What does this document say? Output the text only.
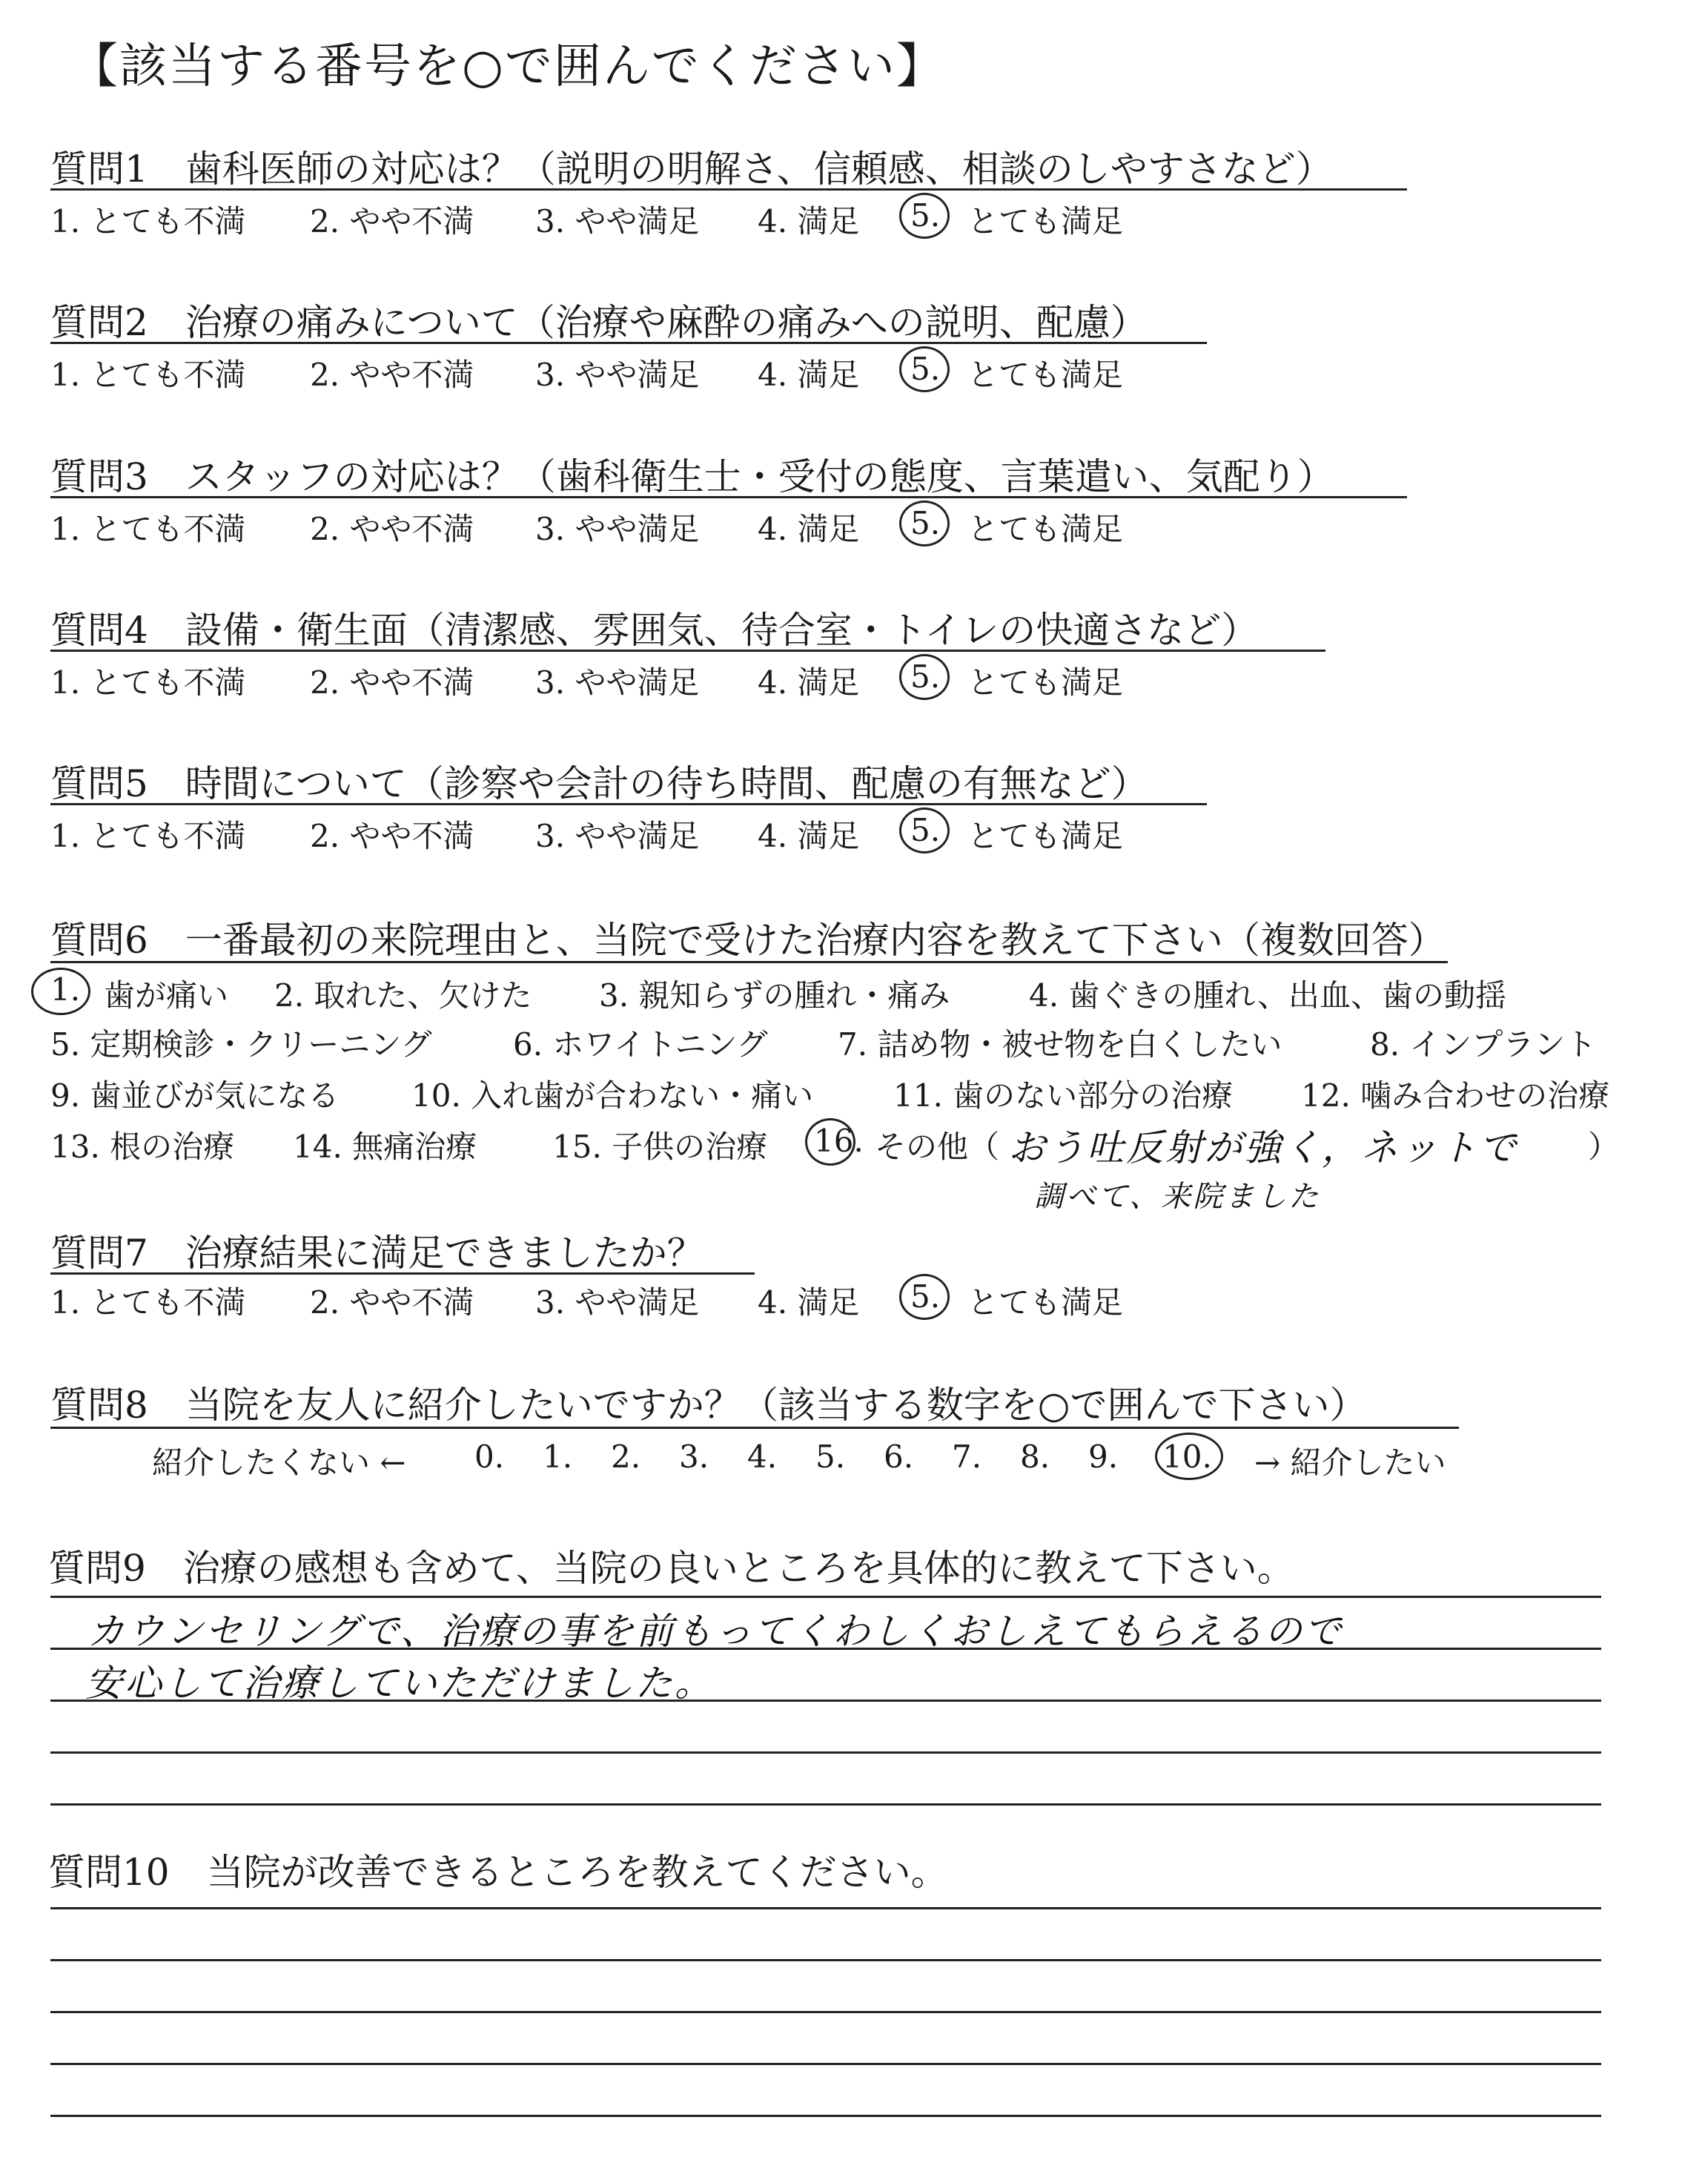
【該当する番号を○で囲んでください】
質問1　歯科医師の対応は？（説明の明解さ、信頼感、相談のしやすさなど）
1. とても不満 2. やや不満 3. やや満足 4. 満足 5. とても満足
質問2　治療の痛みについて（治療や麻酔の痛みへの説明、配慮）
1. とても不満 2. やや不満 3. やや満足 4. 満足 5. とても満足
質問3　スタッフの対応は？（歯科衛生士・受付の態度、言葉遣い、気配り）
1. とても不満 2. やや不満 3. やや満足 4. 満足 5. とても満足
質問4　設備・衛生面（清潔感、雰囲気、待合室・トイレの快適さなど）
1. とても不満 2. やや不満 3. やや満足 4. 満足 5. とても満足
質問5　時間について（診察や会計の待ち時間、配慮の有無など）
1. とても不満 2. やや不満 3. やや満足 4. 満足 5. とても満足
質問6　一番最初の来院理由と、当院で受けた治療内容を教えて下さい（複数回答）
1. 歯が痛い 2. 取れた、欠けた 3. 親知らずの腫れ・痛み	4. 歯ぐきの腫れ、出血、歯の動揺
5. 定期検診・クリーニング	6. ホワイトニング 7. 詰め物・被せ物を白くしたい	8. インプラント
9. 歯並びが気になる 10. 入れ歯が合わない・痛い	11. 歯のない部分の治療 12. 噛み合わせの治療
13. 根の治療 14. 無痛治療 15. 子供の治療 16. その他（	）
おう吐反射が強く，ネットで
調べて、来院ました
質問7　治療結果に満足できましたか？
1. とても不満 2. やや不満 3. やや満足 4. 満足 5. とても満足
質問8　当院を友人に紹介したいですか？（該当する数字を○で囲んで下さい）
紹介したくない ← 0. 1. 2. 3. 4. 5. 6. 7. 8. 9. 10. → 紹介したい
質問9　治療の感想も含めて、当院の良いところを具体的に教えて下さい。
カウンセリングで、治療の事を前もってくわしくおしえてもらえるので
安心して治療していただけました。
質問10　当院が改善できるところを教えてください。
